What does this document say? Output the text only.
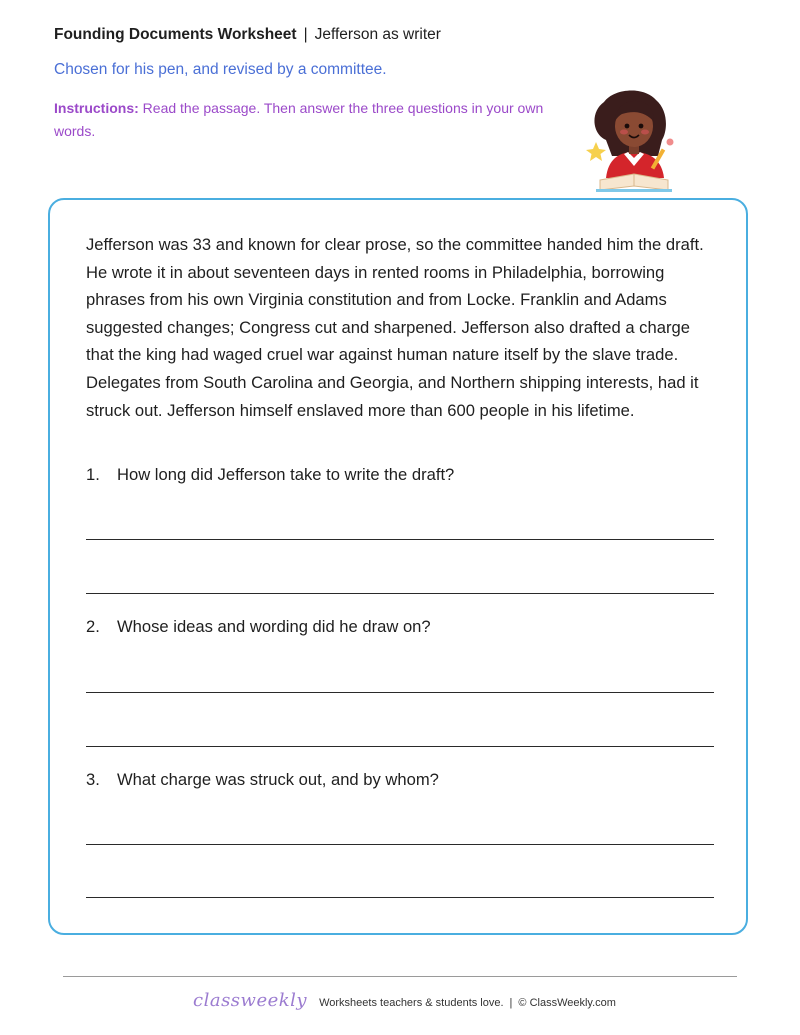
Founding Documents Worksheet | Jefferson as writer
Chosen for his pen, and revised by a committee.
Instructions: Read the passage. Then answer the three questions in your own words.
Jefferson was 33 and known for clear prose, so the committee handed him the draft. He wrote it in about seventeen days in rented rooms in Philadelphia, borrowing phrases from his own Virginia constitution and from Locke. Franklin and Adams suggested changes; Congress cut and sharpened. Jefferson also drafted a charge that the king had waged cruel war against human nature itself by the slave trade. Delegates from South Carolina and Georgia, and Northern shipping interests, had it struck out. Jefferson himself enslaved more than 600 people in his lifetime.
1. How long did Jefferson take to write the draft?
2. Whose ideas and wording did he draw on?
3. What charge was struck out, and by whom?
classweekly Worksheets teachers & students love. | © ClassWeekly.com
